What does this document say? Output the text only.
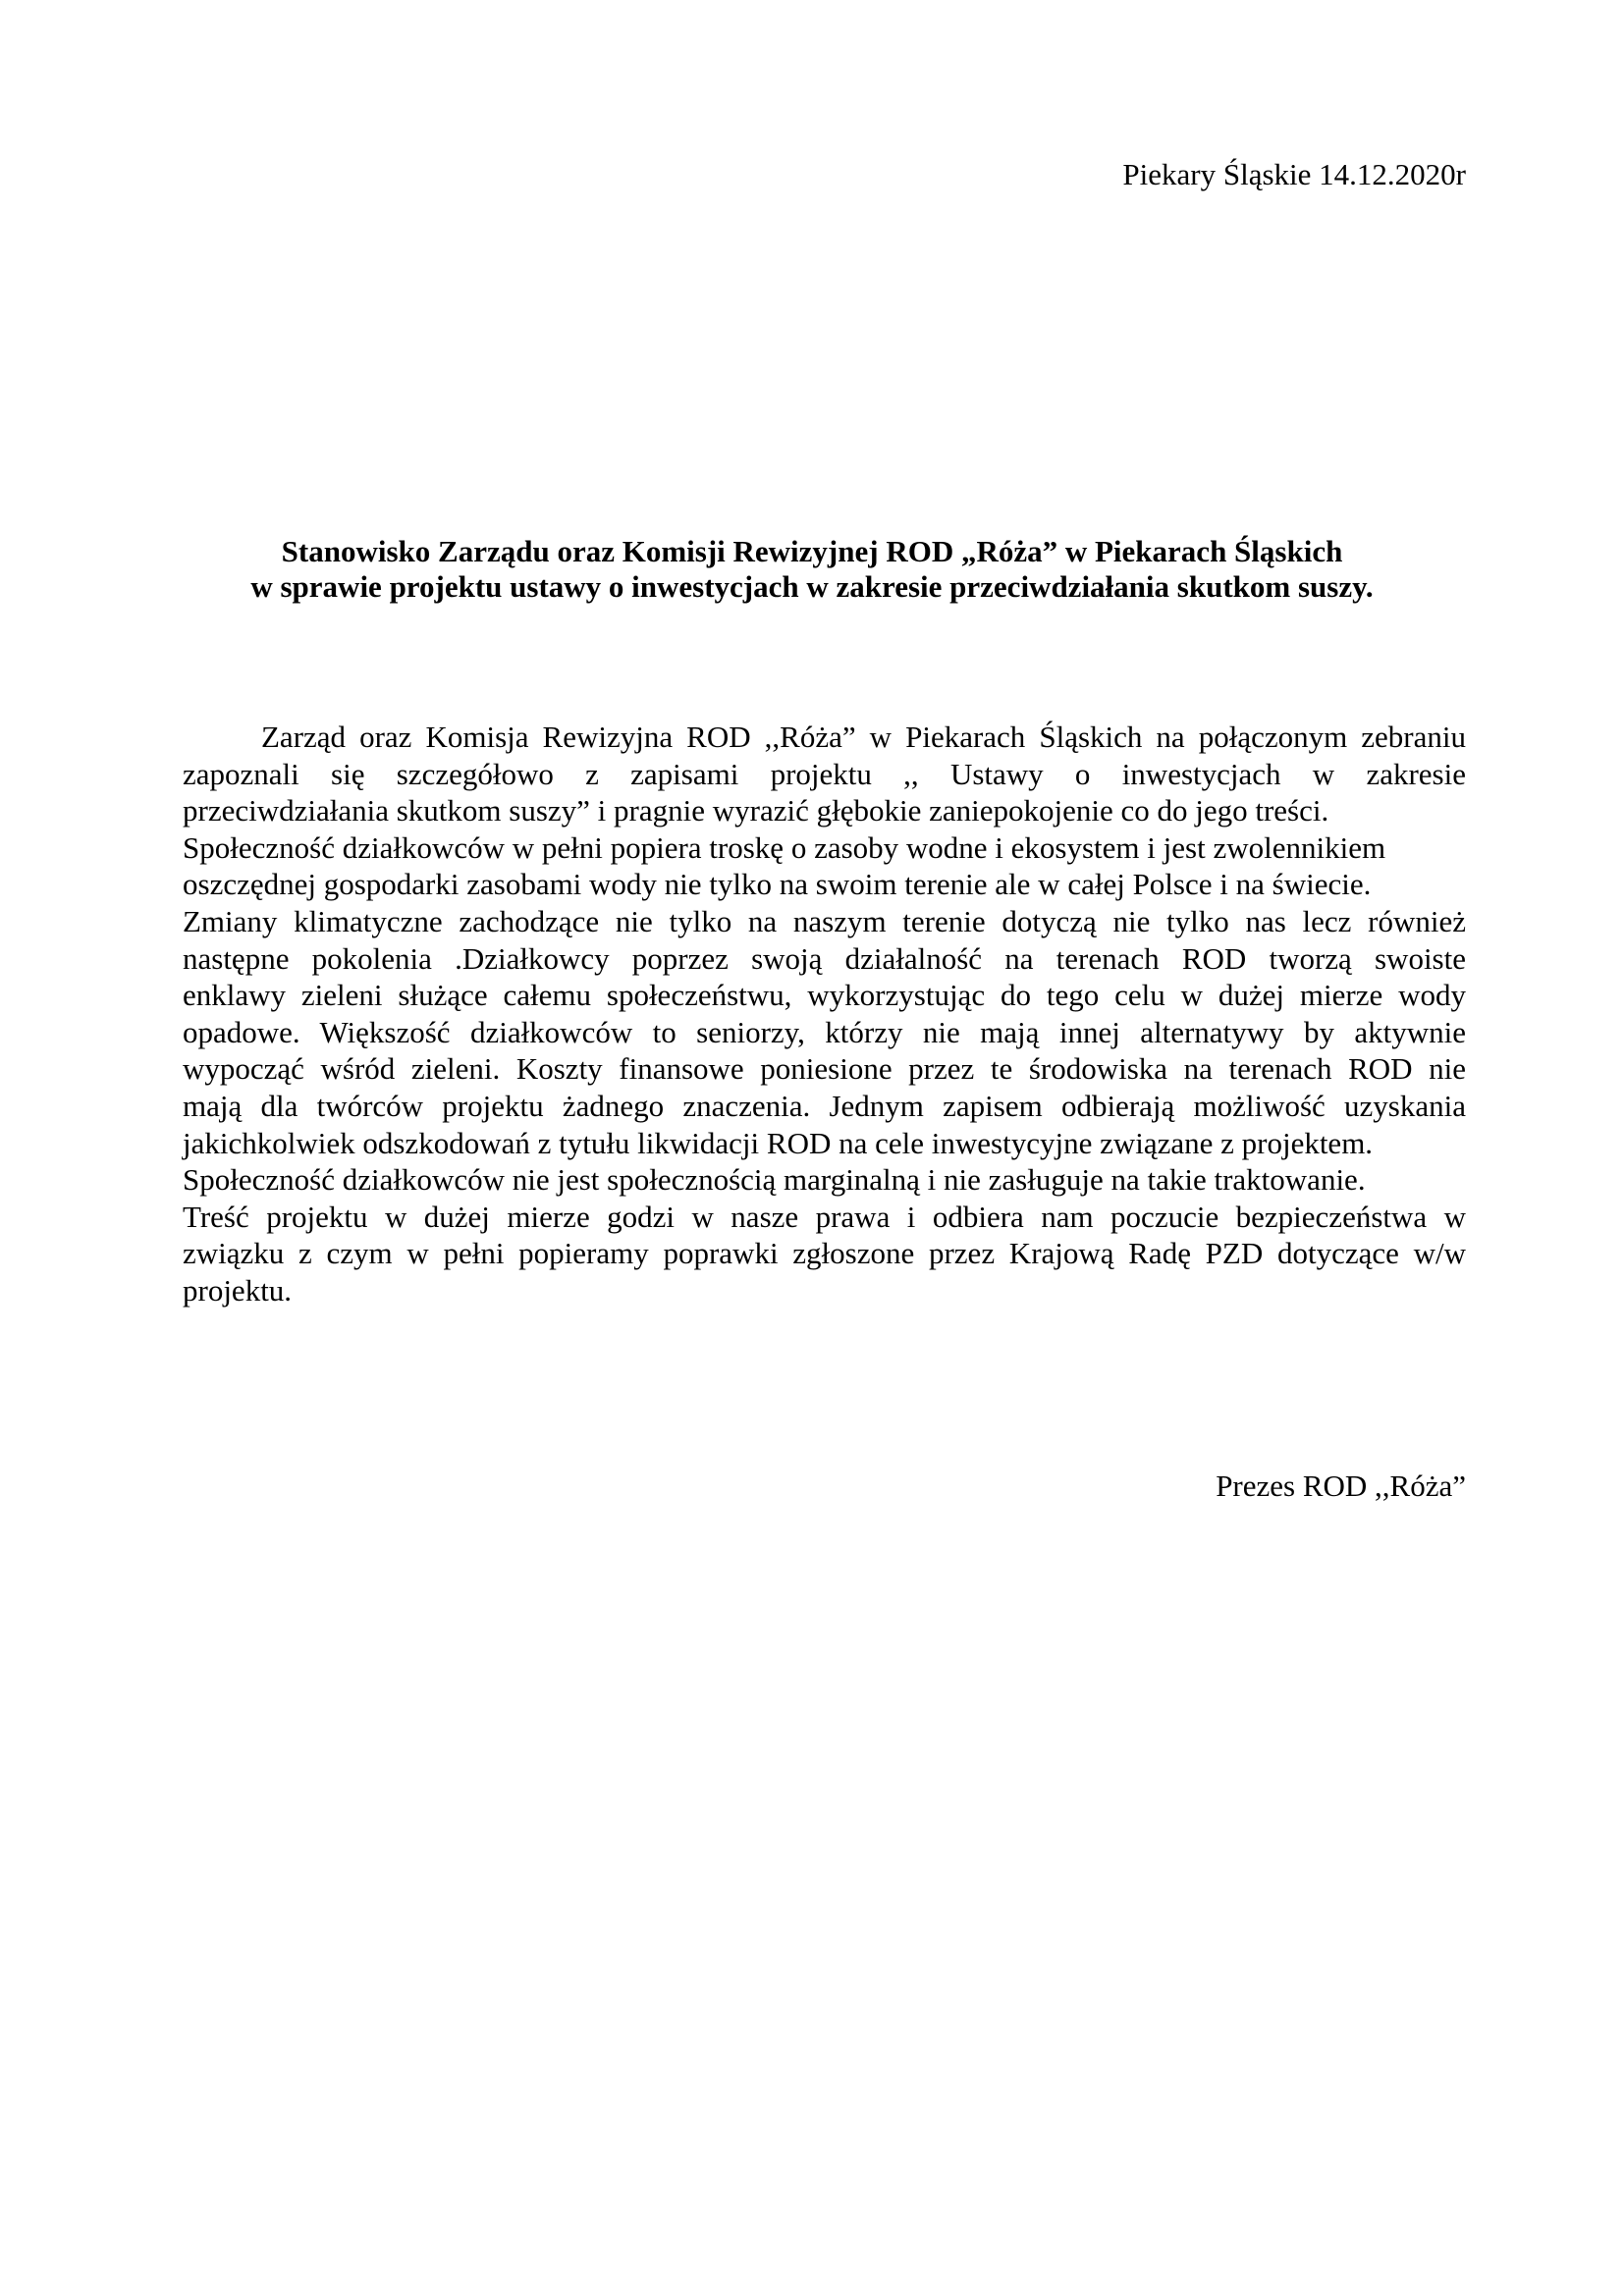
Piekary Śląskie 14.12.2020r
Stanowisko Zarządu oraz Komisji Rewizyjnej ROD „Róża” w Piekarach Śląskich
w sprawie projektu ustawy o inwestycjach w zakresie przeciwdziałania skutkom suszy.
Zarząd oraz Komisja Rewizyjna ROD ,,Róża” w Piekarach Śląskich na połączonym zebraniu
zapoznali się szczegółowo z zapisami projektu ,, Ustawy o inwestycjach w zakresie
przeciwdziałania skutkom suszy” i pragnie wyrazić głębokie zaniepokojenie co do jego treści.
Społeczność działkowców w pełni popiera troskę o zasoby wodne i ekosystem i jest zwolennikiem
oszczędnej gospodarki zasobami wody nie tylko na swoim terenie ale w całej Polsce i na świecie.
Zmiany klimatyczne zachodzące nie tylko na naszym terenie dotyczą nie tylko nas lecz również
następne pokolenia .Działkowcy poprzez swoją działalność na terenach ROD tworzą swoiste
enklawy zieleni służące całemu społeczeństwu, wykorzystując do tego celu w dużej mierze wody
opadowe. Większość działkowców to seniorzy, którzy nie mają innej alternatywy by aktywnie
wypocząć wśród zieleni. Koszty finansowe poniesione przez te środowiska na terenach ROD nie
mają dla twórców projektu żadnego znaczenia. Jednym zapisem odbierają możliwość uzyskania
jakichkolwiek odszkodowań z tytułu likwidacji ROD na cele inwestycyjne związane z projektem.
Społeczność działkowców nie jest społecznością marginalną i nie zasługuje na takie traktowanie.
Treść projektu w dużej mierze godzi w nasze prawa i odbiera nam poczucie bezpieczeństwa w
związku z czym w pełni popieramy poprawki zgłoszone przez Krajową Radę PZD dotyczące w/w
projektu.
Prezes ROD ,,Róża”
